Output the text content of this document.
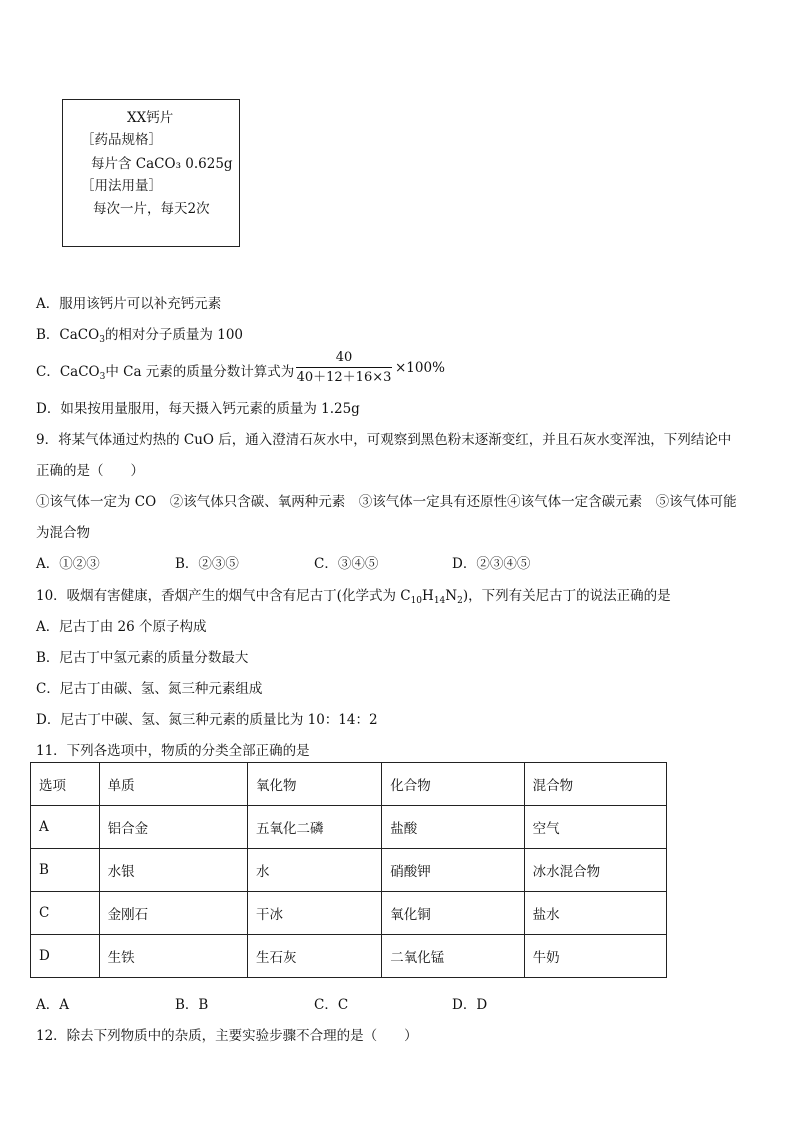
XX钙片
［药品规格］
每片含 CaCO₃ 0.625g
［用法用量］
每次一片，每天2次
A．服用该钙片可以补充钙元素
B．CaCO$_3$的相对分子质量为 100
C．CaCO$_3$中 Ca 元素的质量分数计算式为
40
40＋12＋16×3
×100%
D．如果按用量服用，每天摄入钙元素的质量为 1.25g
9．将某气体通过灼热的 CuO 后，通入澄清石灰水中，可观察到黑色粉末逐渐变红，并且石灰水变浑浊，下列结论中
正确的是（　　）
①该气体一定为 CO　②该气体只含碳、氧两种元素　③该气体一定具有还原性④该气体一定含碳元素　⑤该气体可能
为混合物
A．①②③	B．②③⑤	C．③④⑤	D．②③④⑤
10．吸烟有害健康，香烟产生的烟气中含有尼古丁(化学式为 $C_{10}H_{14}N_2$)，下列有关尼古丁的说法正确的是
A．尼古丁由 26 个原子构成
B．尼古丁中氢元素的质量分数最大
C．尼古丁由碳、氢、氮三种元素组成
D．尼古丁中碳、氢、氮三种元素的质量比为 10：14：2
11．下列各选项中，物质的分类全部正确的是
选项	单质	氧化物	化合物	混合物
A	铝合金	五氧化二磷	盐酸	空气
B	水银	水	硝酸钾	冰水混合物
C	金刚石	干冰	氧化铜	盐水
D	生铁	生石灰	二氧化锰	牛奶
A．A	B．B	C．C	D．D
12．除去下列物质中的杂质，主要实验步骤不合理的是（　　）
